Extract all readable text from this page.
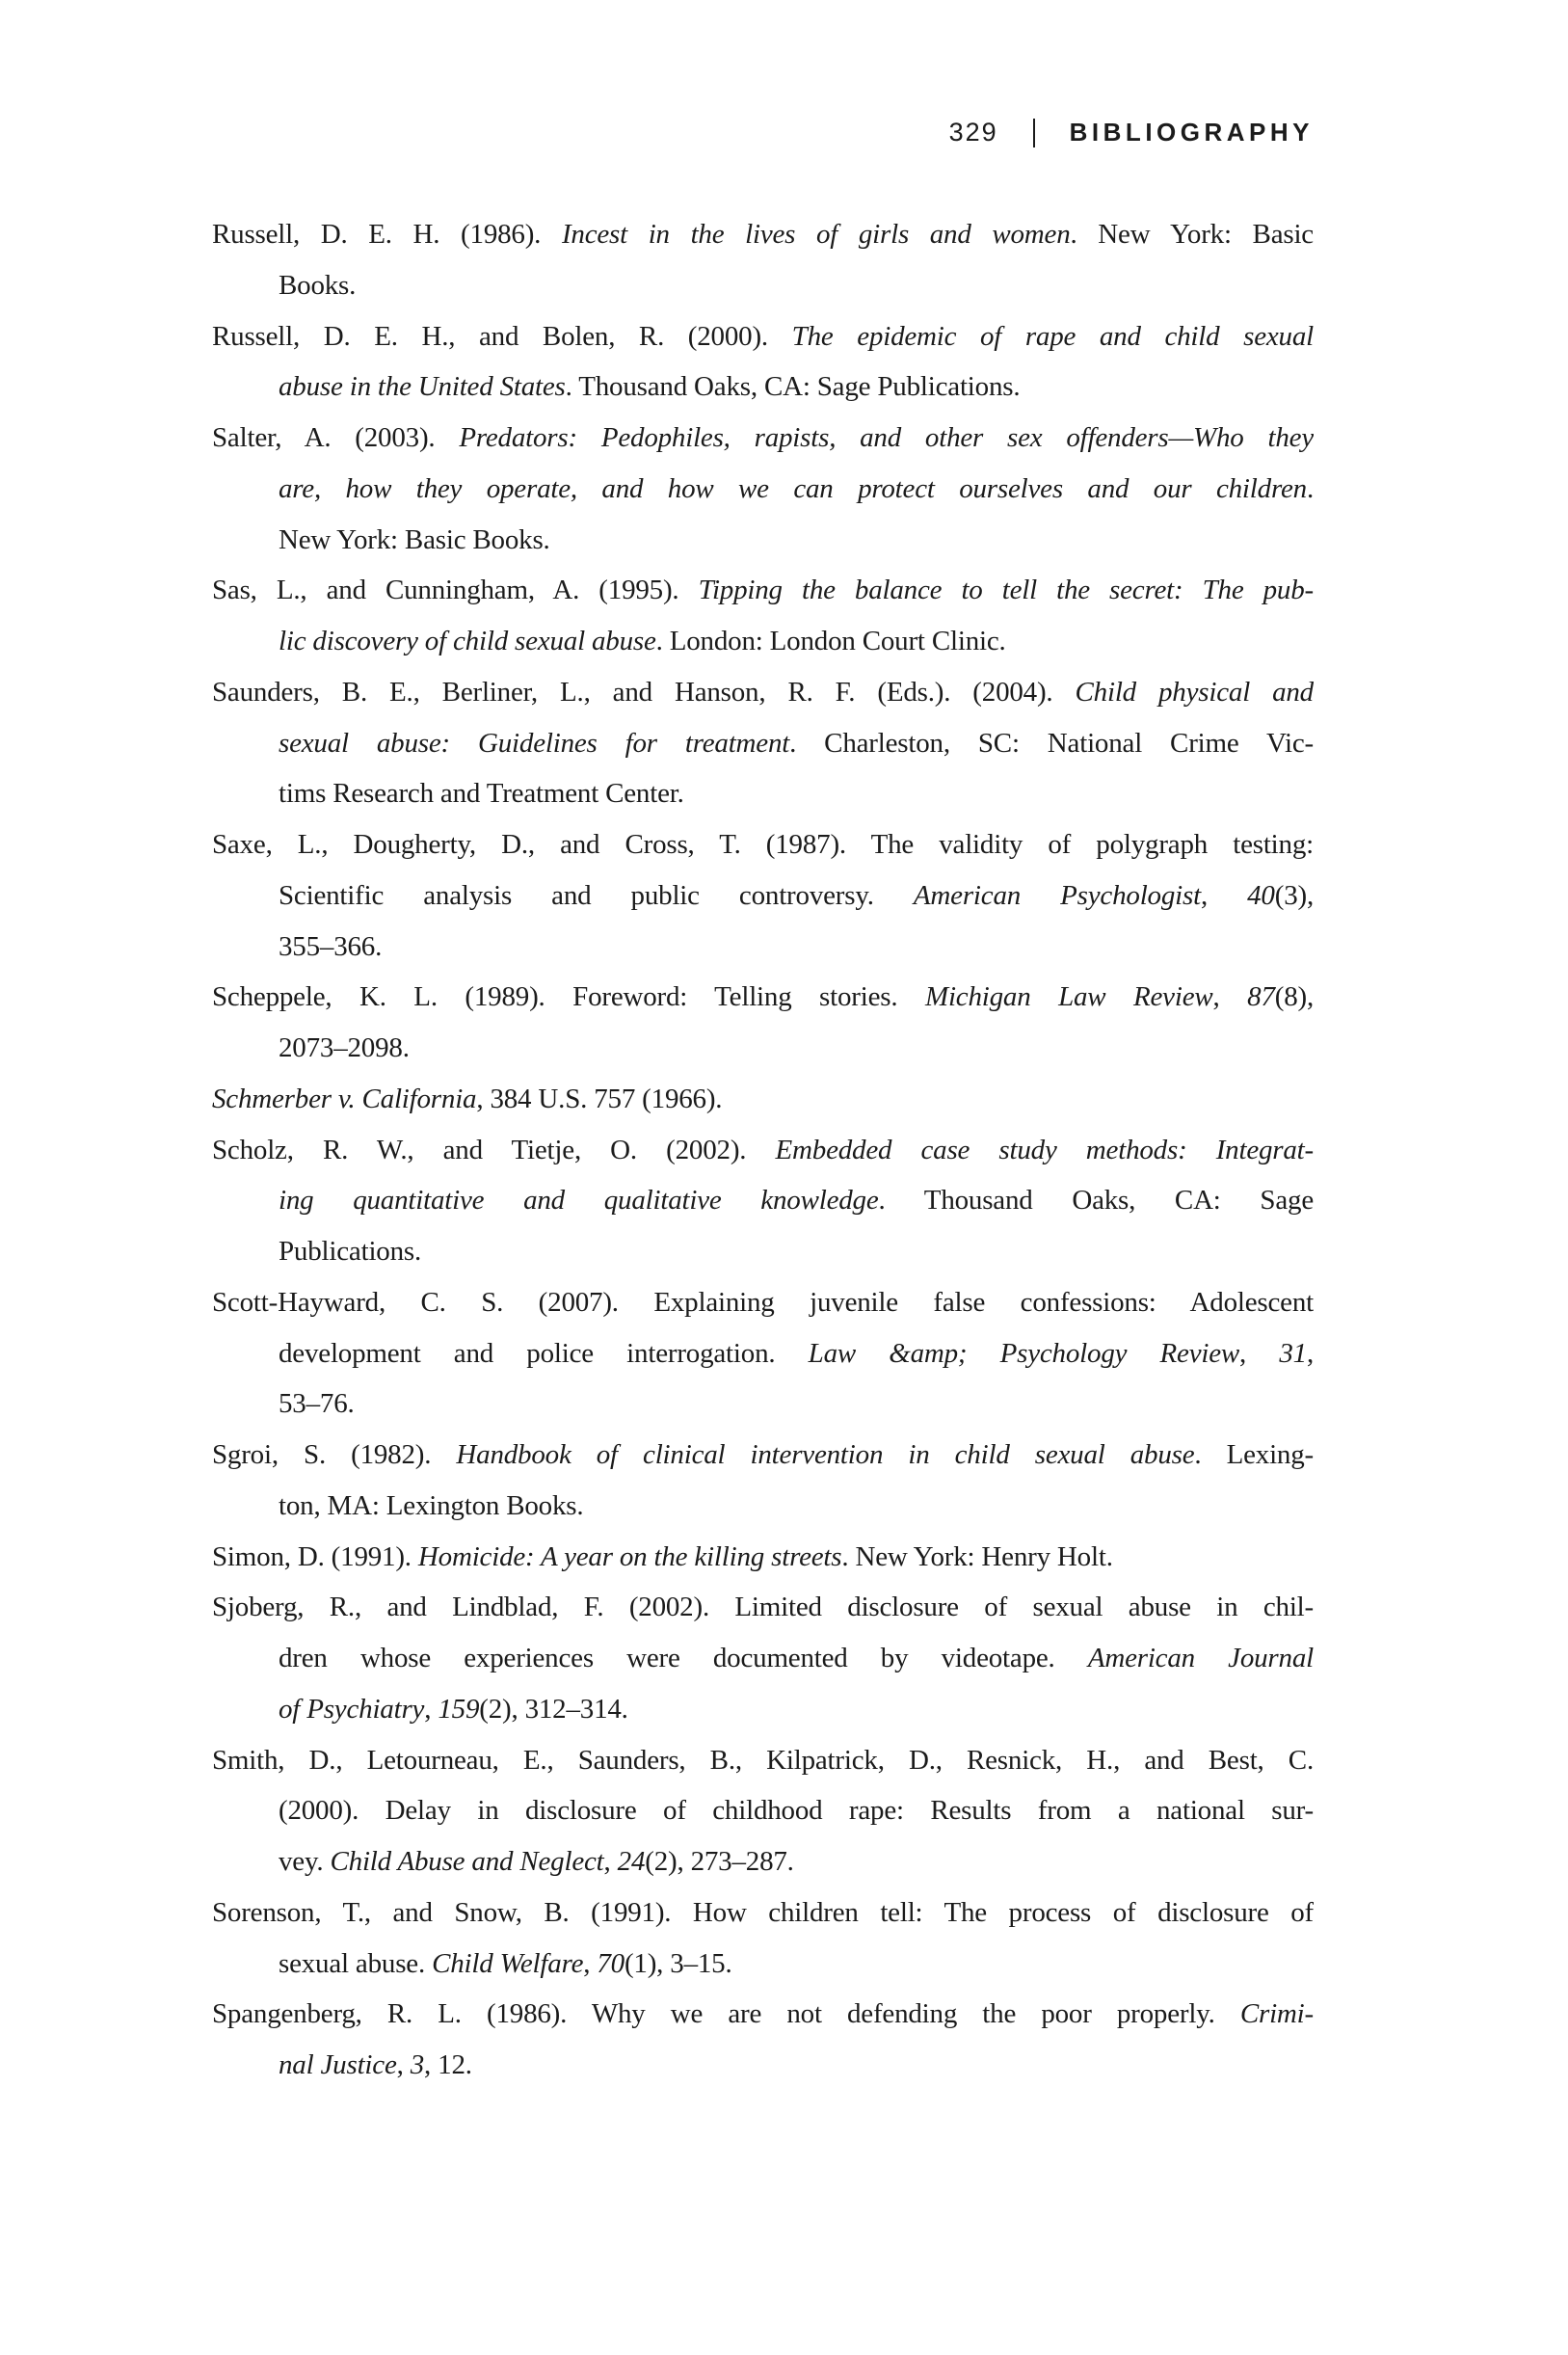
329	BIBLIOGRAPHY
Russell, D. E. H. (1986). Incest in the lives of girls and women. New York: Basic
Books.
Russell, D. E. H., and Bolen, R. (2000). The epidemic of rape and child sexual
abuse in the United States. Thousand Oaks, CA: Sage Publications.
Salter, A. (2003). Predators: Pedophiles, rapists, and other sex offenders—Who they
are, how they operate, and how we can protect ourselves and our children.
New York: Basic Books.
Sas, L., and Cunningham, A. (1995). Tipping the balance to tell the secret: The pub-
lic discovery of child sexual abuse. London: London Court Clinic.
Saunders, B. E., Berliner, L., and Hanson, R. F. (Eds.). (2004). Child physical and
sexual abuse: Guidelines for treatment. Charleston, SC: National Crime Vic-
tims Research and Treatment Center.
Saxe, L., Dougherty, D., and Cross, T. (1987). The validity of polygraph testing:
Scientific analysis and public controversy. American Psychologist, 40(3),
355–366.
Scheppele, K. L. (1989). Foreword: Telling stories. Michigan Law Review, 87(8),
2073–2098.
Schmerber v. California, 384 U.S. 757 (1966).
Scholz, R. W., and Tietje, O. (2002). Embedded case study methods: Integrat-
ing quantitative and qualitative knowledge. Thousand Oaks, CA: Sage
Publications.
Scott-Hayward, C. S. (2007). Explaining juvenile false confessions: Adolescent
development and police interrogation. Law &amp; Psychology Review, 31,
53–76.
Sgroi, S. (1982). Handbook of clinical intervention in child sexual abuse. Lexing-
ton, MA: Lexington Books.
Simon, D. (1991). Homicide: A year on the killing streets. New York: Henry Holt.
Sjoberg, R., and Lindblad, F. (2002). Limited disclosure of sexual abuse in chil-
dren whose experiences were documented by videotape. American Journal
of Psychiatry, 159(2), 312–314.
Smith, D., Letourneau, E., Saunders, B., Kilpatrick, D., Resnick, H., and Best, C.
(2000). Delay in disclosure of childhood rape: Results from a national sur-
vey. Child Abuse and Neglect, 24(2), 273–287.
Sorenson, T., and Snow, B. (1991). How children tell: The process of disclosure of
sexual abuse. Child Welfare, 70(1), 3–15.
Spangenberg, R. L. (1986). Why we are not defending the poor properly. Crimi-
nal Justice, 3, 12.
